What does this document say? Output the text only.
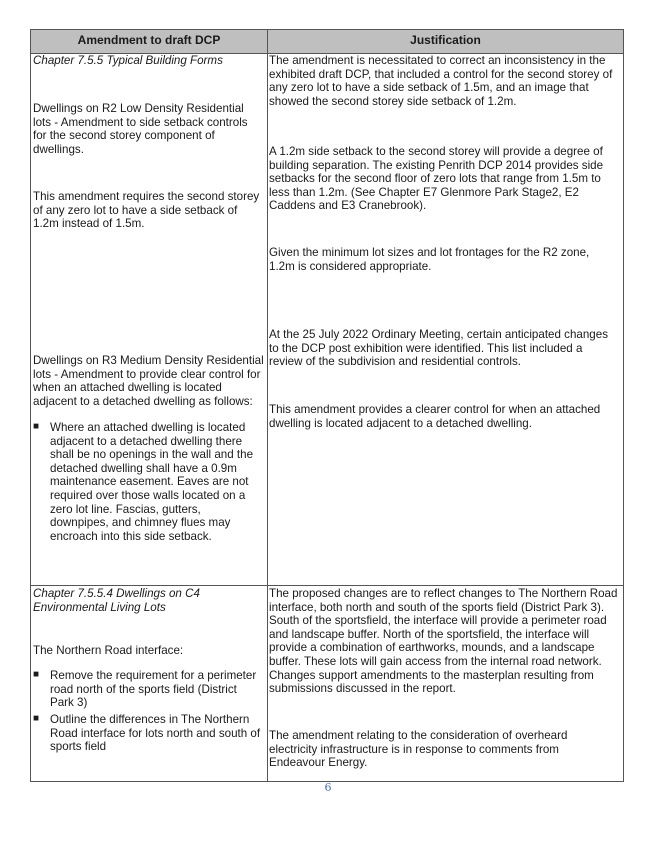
Amendment to draft DCP	Justification
Chapter 7.5.5 Typical Building Forms
Dwellings on R2 Low Density Residential
lots - Amendment to side setback controls
for the second storey component of
dwellings.
This amendment requires the second storey
of any zero lot to have a side setback of
1.2m instead of 1.5m.
Dwellings on R3 Medium Density Residential
lots - Amendment to provide clear control for
when an attached dwelling is located
adjacent to a detached dwelling as follows:
■ Where an attached dwelling is located
adjacent to a detached dwelling there
shall be no openings in the wall and the
detached dwelling shall have a 0.9m
maintenance easement. Eaves are not
required over those walls located on a
zero lot line. Fascias, gutters,
downpipes, and chimney flues may
encroach into this side setback.
The amendment is necessitated to correct an inconsistency in the
exhibited draft DCP, that included a control for the second storey of
any zero lot to have a side setback of 1.5m, and an image that
showed the second storey side setback of 1.2m.
A 1.2m side setback to the second storey will provide a degree of
building separation. The existing Penrith DCP 2014 provides side
setbacks for the second floor of zero lots that range from 1.5m to
less than 1.2m. (See Chapter E7 Glenmore Park Stage2, E2
Caddens and E3 Cranebrook).
Given the minimum lot sizes and lot frontages for the R2 zone,
1.2m is considered appropriate.
At the 25 July 2022 Ordinary Meeting, certain anticipated changes
to the DCP post exhibition were identified. This list included a
review of the subdivision and residential controls.
This amendment provides a clearer control for when an attached
dwelling is located adjacent to a detached dwelling.
Chapter 7.5.5.4 Dwellings on C4
Environmental Living Lots
The Northern Road interface:
■ Remove the requirement for a perimeter
road north of the sports field (District
Park 3)
■ Outline the differences in The Northern
Road interface for lots north and south of
sports field
The proposed changes are to reflect changes to The Northern Road
interface, both north and south of the sports field (District Park 3).
South of the sportsfield, the interface will provide a perimeter road
and landscape buffer. North of the sportsfield, the interface will
provide a combination of earthworks, mounds, and a landscape
buffer. These lots will gain access from the internal road network.
Changes support amendments to the masterplan resulting from
submissions discussed in the report.
The amendment relating to the consideration of overheard
electricity infrastructure is in response to comments from
Endeavour Energy.
6
